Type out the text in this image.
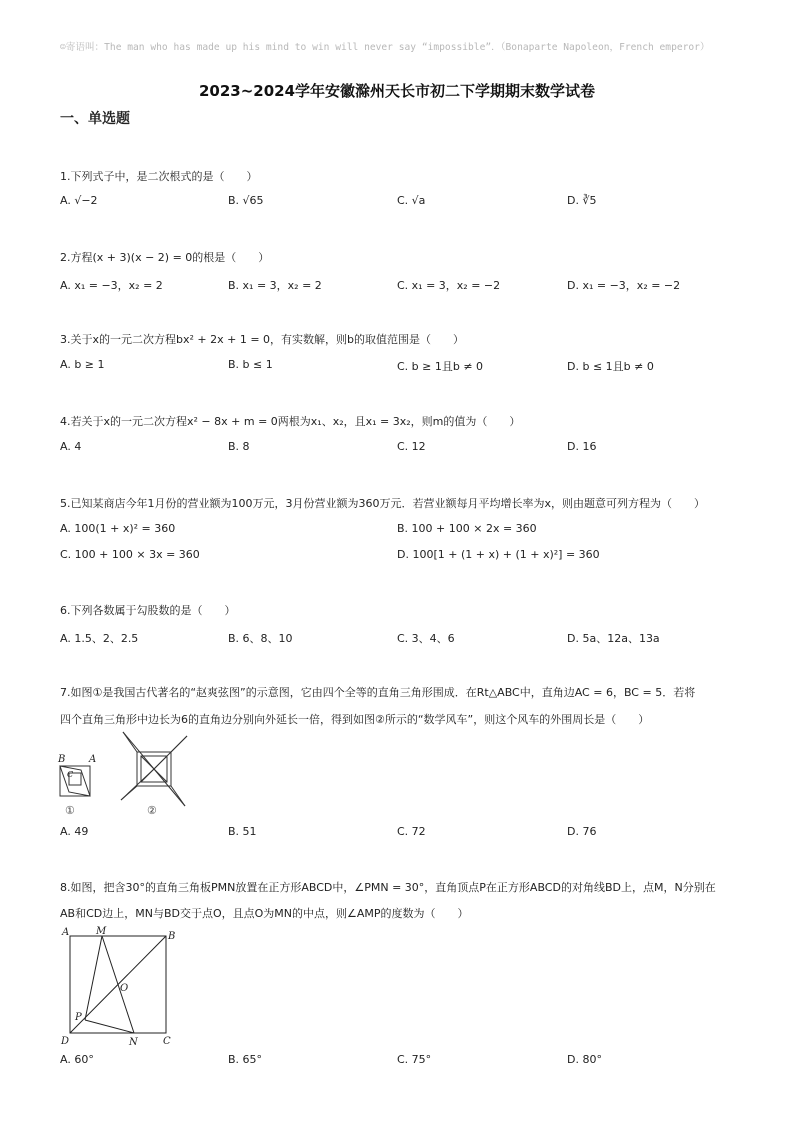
☺寄语叫：The man who has made up his mind to win will never say “impossible”．（Bonaparte Napoleon，French emperor）
2023~2024学年安徽滁州天长市初二下学期期末数学试卷
一、单选题
1.下列式子中，是二次根式的是（　　）
A. √−2	B. √65	C. √a	D. ∛5
2.方程(x + 3)(x − 2) = 0的根是（　　）
A. x₁ = −3，x₂ = 2	B. x₁ = 3，x₂ = 2	C. x₁ = 3，x₂ = −2	D. x₁ = −3，x₂ = −2
3.关于x的一元二次方程bx² + 2x + 1 = 0，有实数解，则b的取值范围是（　　）
A. b ≥ 1	B. b ≤ 1	C. b ≥ 1且b ≠ 0	D. b ≤ 1且b ≠ 0
4.若关于x的一元二次方程x² − 8x + m = 0两根为x₁、x₂，且x₁ = 3x₂，则m的值为（　　）
A. 4	B. 8	C. 12	D. 16
5.已知某商店今年1月份的营业额为100万元，3月份营业额为360万元．若营业额每月平均增长率为x，则由题意可列方程为（　　）
A. 100(1 + x)² = 360	B. 100 + 100 × 2x = 360
C. 100 + 100 × 3x = 360	D. 100[1 + (1 + x) + (1 + x)²] = 360
6.下列各数属于勾股数的是（　　）
A. 1.5、2、2.5	B. 6、8、10	C. 3、4、6	D. 5a、12a、13a
7.如图①是我国古代著名的“赵爽弦图”的示意图，它由四个全等的直角三角形围成．在Rt△ABC中，直角边AC = 6，BC = 5．若将
四个直角三角形中边长为6的直角边分别向外延长一倍，得到如图②所示的“数学风车”，则这个风车的外围周长是（　　）
B A
C
①	②
A. 49	B. 51	C. 72	D. 76
8.如图，把含30°的直角三角板PMN放置在正方形ABCD中，∠PMN = 30°，直角顶点P在正方形ABCD的对角线BD上，点M，N分别在
AB和CD边上，MN与BD交于点O，且点O为MN的中点，则∠AMP的度数为（　　）
A	M	B
O
P
D	N	C
A. 60°	B. 65°	C. 75°	D. 80°
